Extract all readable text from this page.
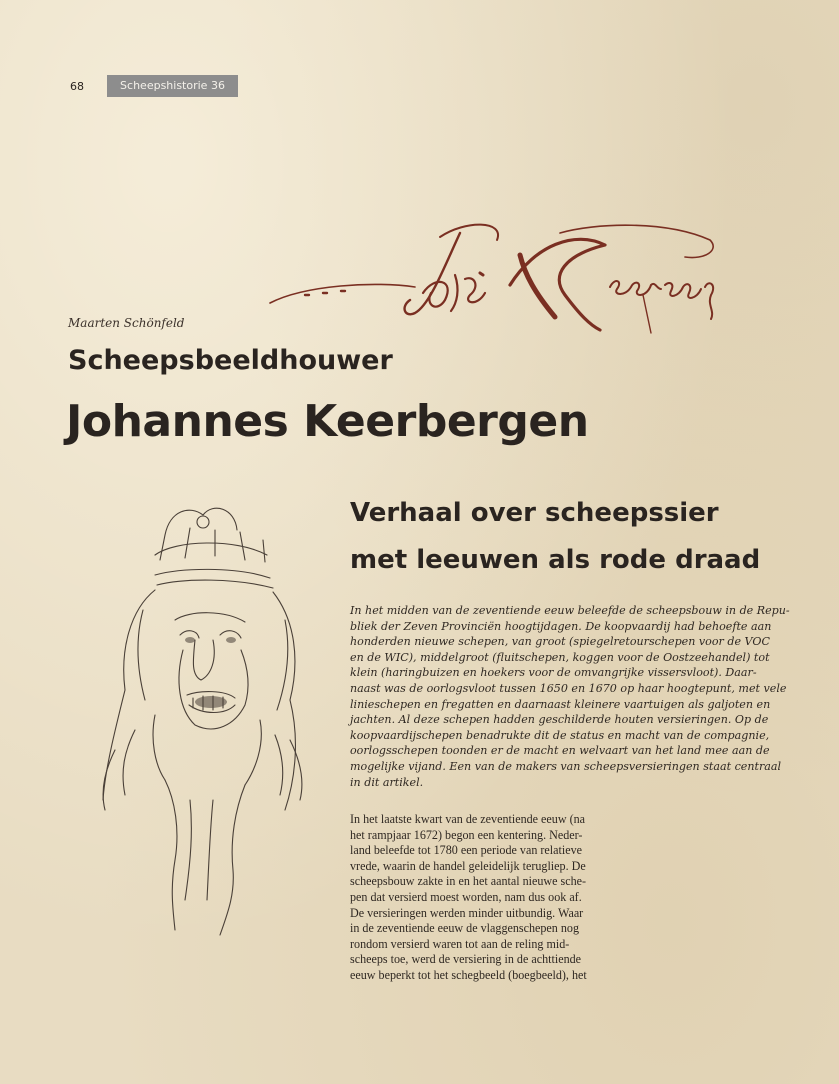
68	Scheepshistorie 36
Maarten Schönfeld
Scheepsbeeldhouwer
Johannes Keerbergen
Verhaal over scheepssier
met leeuwen als rode draad
In het midden van de zeventiende eeuw beleefde de scheepsbouw in de Repu-
bliek der Zeven Provinciën hoogtijdagen. De koopvaardij had behoefte aan
honderden nieuwe schepen, van groot (spiegelretourschepen voor de VOC
en de WIC), middelgroot (fluitschepen, koggen voor de Oostzeehandel) tot
klein (haringbuizen en hoekers voor de omvangrijke vissersvloot). Daar-
naast was de oorlogsvloot tussen 1650 en 1670 op haar hoogtepunt, met vele
linieschepen en fregatten en daarnaast kleinere vaartuigen als galjoten en
jachten. Al deze schepen hadden geschilderde houten versieringen. Op de
koopvaardijschepen benadrukte dit de status en macht van de compagnie,
oorlogsschepen toonden er de macht en welvaart van het land mee aan de
mogelijke vijand. Een van de makers van scheepsversieringen staat centraal
in dit artikel.
In het laatste kwart van de zeventiende eeuw (na
het rampjaar 1672) begon een kentering. Neder-
land beleefde tot 1780 een periode van relatieve
vrede, waarin de handel geleidelijk terugliep. De
scheepsbouw zakte in en het aantal nieuwe sche-
pen dat versierd moest worden, nam dus ook af.
De versieringen werden minder uitbundig. Waar
in de zeventiende eeuw de vlaggenschepen nog
rondom versierd waren tot aan de reling mid-
scheeps toe, werd de versiering in de achttiende
eeuw beperkt tot het schegbeeld (boegbeeld), het
